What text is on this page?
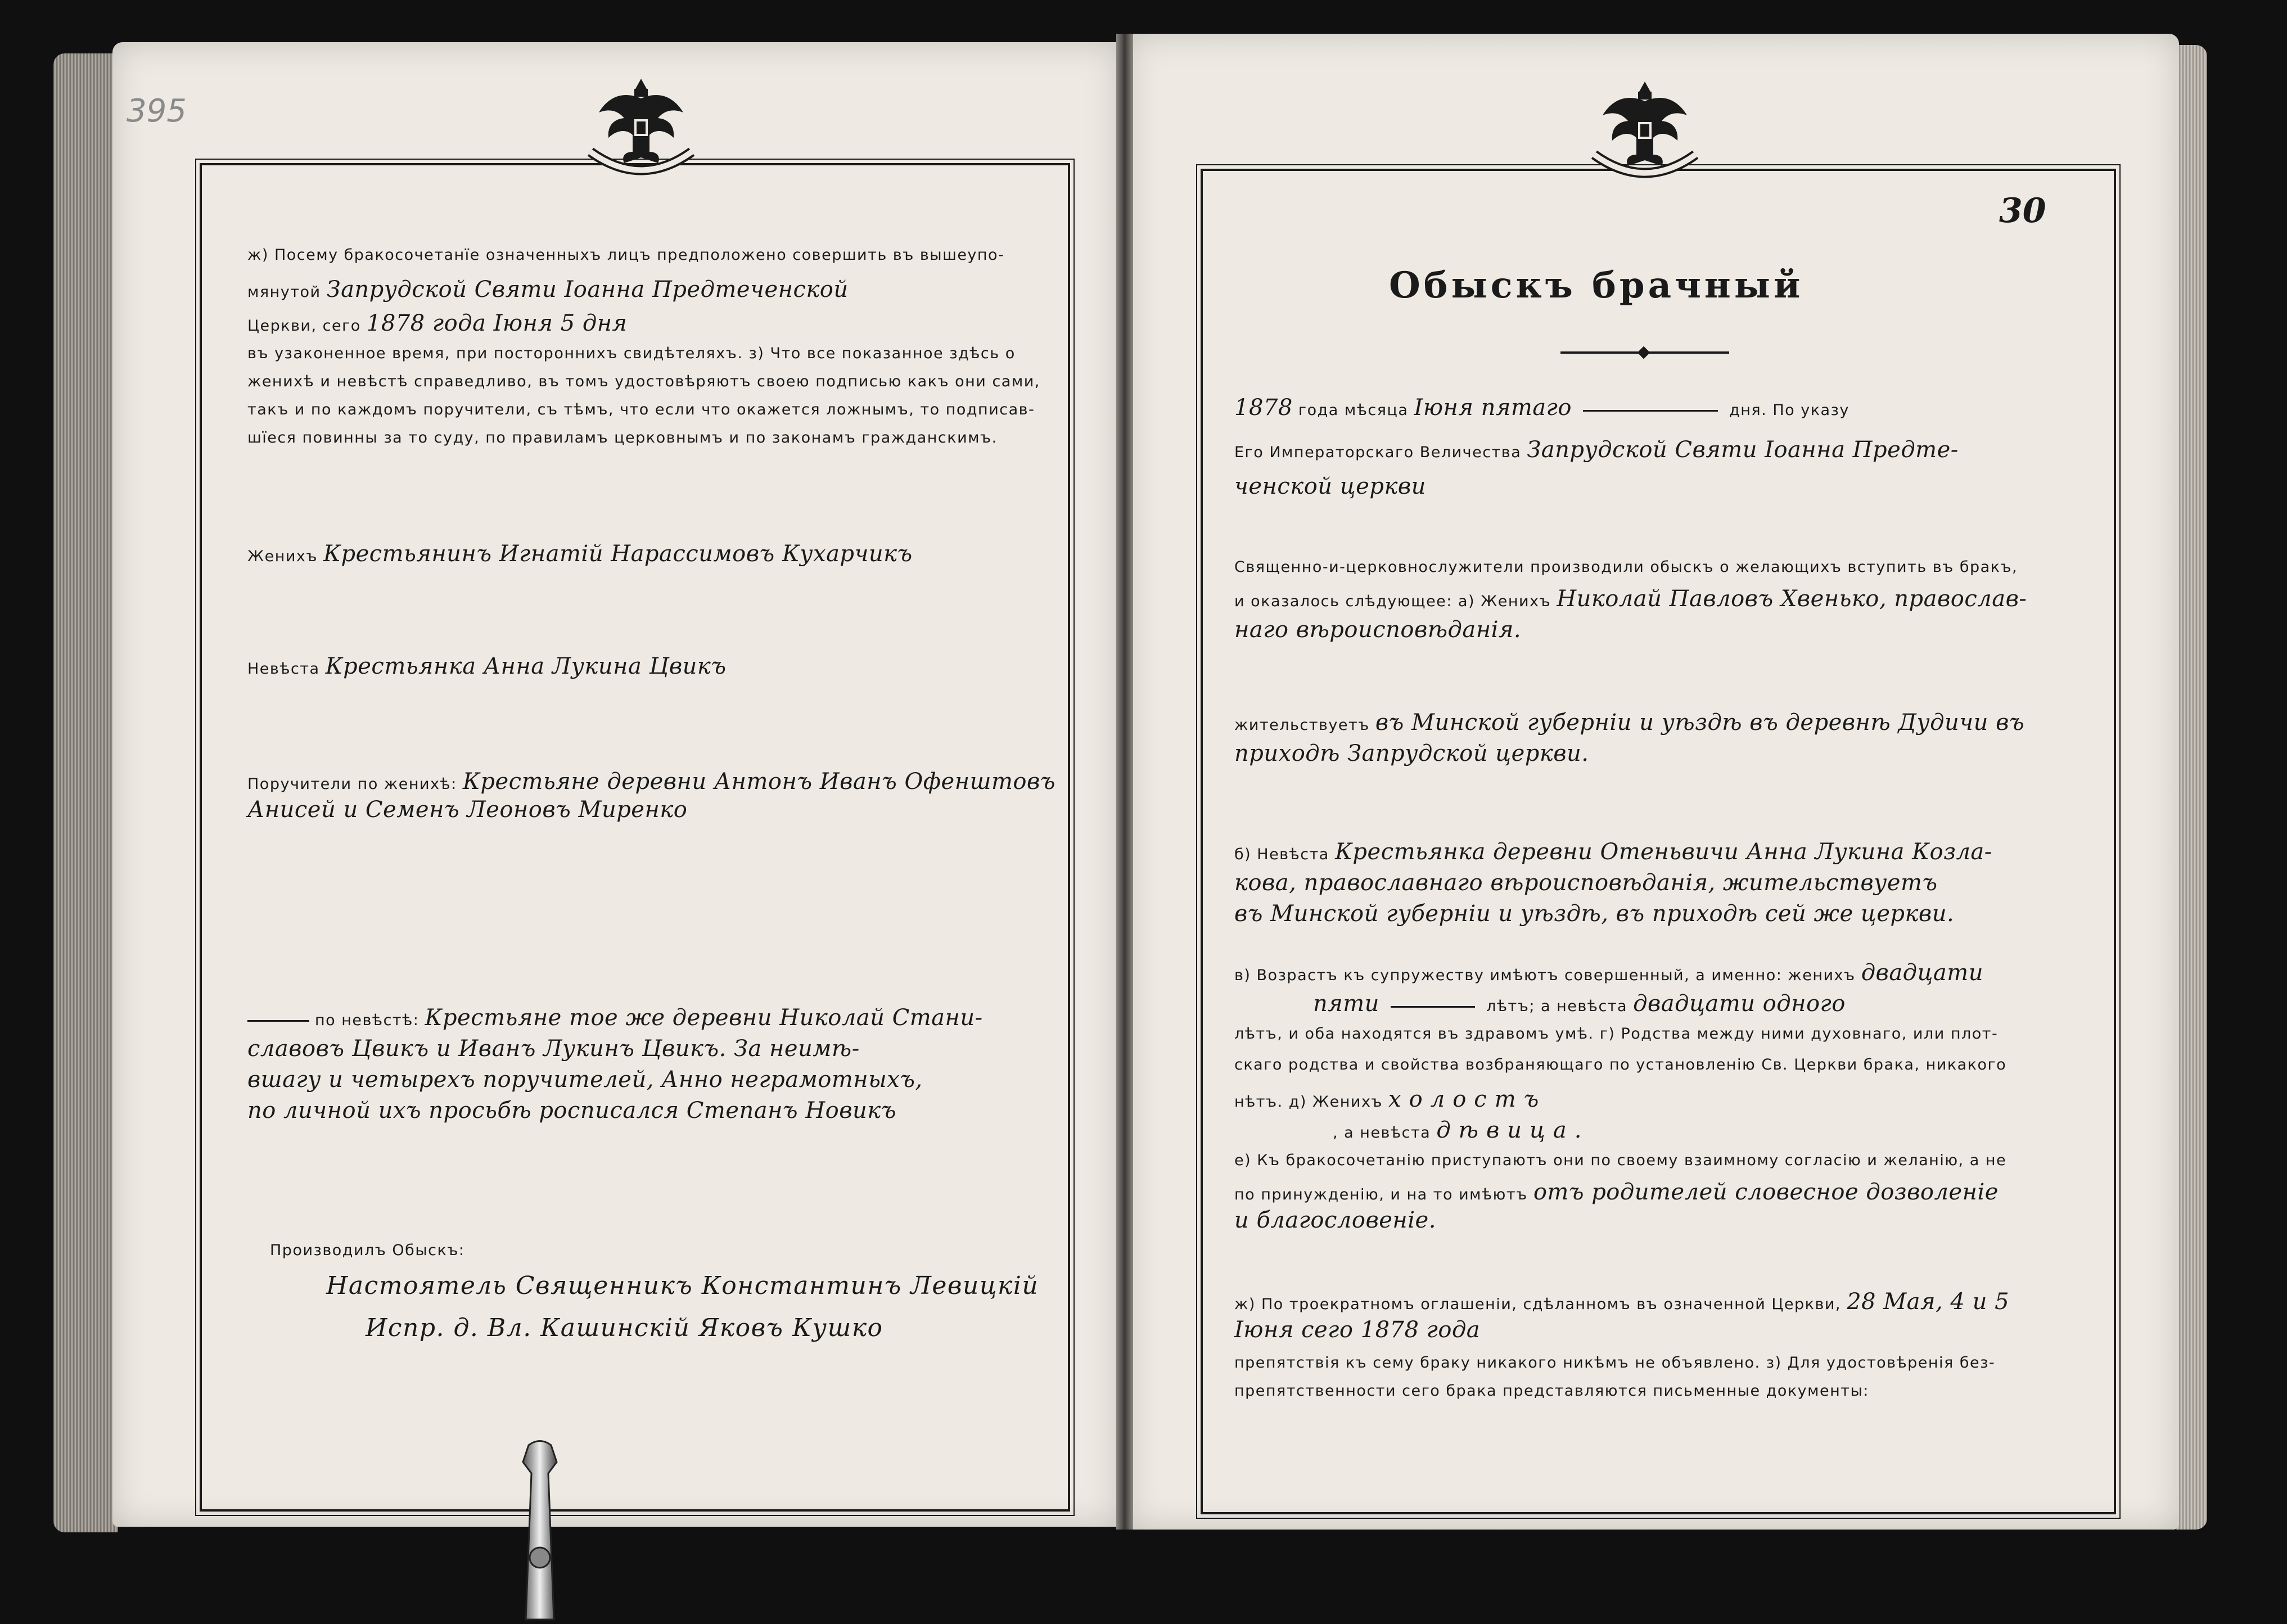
395
ж) Посему бракосочетанїе означенныхъ лицъ предположено совершить въ вышеупо-
мянутой Запрудской Святи Іоанна Предтеченской
Церкви, сего 1878 года Іюня 5 дня
въ узаконенное время, при постороннихъ свидѣтеляхъ. з) Что все показанное здѣсь о
женихѣ и невѣстѣ справедливо, въ томъ удостовѣряютъ своею подписью какъ они сами,
такъ и по каждомъ поручители, съ тѣмъ, что если что окажется ложнымъ, то подписав-
шїеся повинны за то суду, по правиламъ церковнымъ и по законамъ гражданскимъ.
Женихъ Крестьянинъ Игнатій Нарассимовъ Кухарчикъ
Невѣста Крестьянка Анна Лукина Цвикъ
Поручители по женихѣ: Крестьяне деревни Антонъ Иванъ Офенштовъ
Анисей и Семенъ Леоновъ Миренко
по невѣстѣ: Крестьяне тое же деревни Николай Стани-
славовъ Цвикъ и Иванъ Лукинъ Цвикъ. За неимѣ-
вшагу и четырехъ поручителей, Анно неграмотныхъ,
по личной ихъ просьбѣ росписался Степанъ Новикъ
Производилъ Обыскъ:
Настоятель Священникъ Константинъ Левицкій
Испр. д. Вл. Кашинскій Яковъ Кушко
30
Обыскъ брачный
1878 года мѣсяца Іюня пятаго	дня. По указу
Его Императорскаго Величества Запрудской Святи Іоанна Предте-
ченской церкви
Священно-и-церковнослужители производили обыскъ о желающихъ вступить въ бракъ,
и оказалось слѣдующее: а) Женихъ Николай Павловъ Хвенько, православ-
наго вѣроисповѣданія.
жительствуетъ въ Минской губерніи и уѣздѣ въ деревнѣ Дудичи въ
приходѣ Запрудской церкви.
б) Невѣста Крестьянка деревни Отеньвичи Анна Лукина Козла-
кова, православнаго вѣроисповѣданія, жительствуетъ
въ Минской губерніи и уѣздѣ, въ приходѣ сей же церкви.
в) Возрастъ къ супружеству имѣютъ совершенный, а именно: женихъ двадцати
пяти	лѣтъ; а невѣста двадцати одного
лѣтъ, и оба находятся въ здравомъ умѣ. г) Родства между ними духовнаго, или плот-
скаго родства и свойства возбраняющаго по установленію Св. Церкви брака, никакого
нѣтъ. д) Женихъ холостъ
, а невѣста дѣвица.
е) Къ бракосочетанію приступаютъ они по своему взаимному согласію и желанію, а не
по принужденію, и на то имѣютъ отъ родителей словесное дозволеніе
и благословеніе.
ж) По троекратномъ оглашеніи, сдѣланномъ въ означенной Церкви, 28 Мая, 4 и 5
Іюня сего 1878 года
препятствія къ сему браку никакого никѣмъ не объявлено. з) Для удостовѣренія без-
препятственности сего брака представляются письменные документы:
